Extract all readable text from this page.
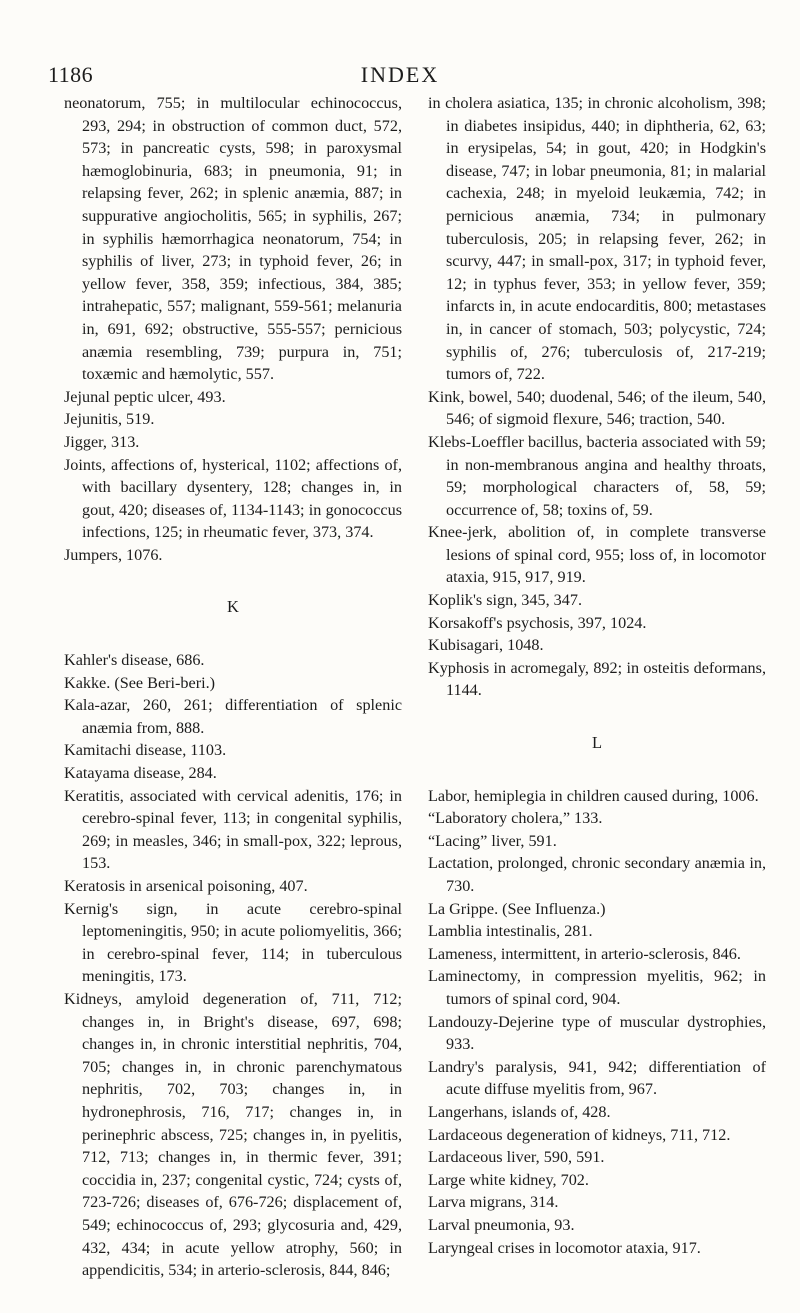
1186	INDEX

neonatorum, 755; in multilocular echinococcus, 293, 294; in obstruction of common duct, 572, 573; in pancreatic cysts, 598; in paroxysmal hæmoglobinuria, 683; in pneumonia, 91; in relapsing fever, 262; in splenic anæmia, 887; in suppurative angiocholitis, 565; in syphilis, 267; in syphilis hæmorrhagica neonatorum, 754; in syphilis of liver, 273; in typhoid fever, 26; in yellow fever, 358, 359; infectious, 384, 385; intrahepatic, 557; malignant, 559-561; melanuria in, 691, 692; obstructive, 555-557; pernicious anæmia resembling, 739; purpura in, 751; toxæmic and hæmolytic, 557.

Jejunal peptic ulcer, 493.

Jejunitis, 519.

Jigger, 313.

Joints, affections of, hysterical, 1102; affections of, with bacillary dysentery, 128; changes in, in gout, 420; diseases of, 1134-1143; in gonococcus infections, 125; in rheumatic fever, 373, 374.

Jumpers, 1076.

K

Kahler's disease, 686.

Kakke. (See Beri-beri.)

Kala-azar, 260, 261; differentiation of splenic anæmia from, 888.

Kamitachi disease, 1103.

Katayama disease, 284.

Keratitis, associated with cervical adenitis, 176; in cerebro-spinal fever, 113; in congenital syphilis, 269; in measles, 346; in small-pox, 322; leprous, 153.

Keratosis in arsenical poisoning, 407.

Kernig's sign, in acute cerebro-spinal leptomeningitis, 950; in acute poliomyelitis, 366; in cerebro-spinal fever, 114; in tuberculous meningitis, 173.

Kidneys, amyloid degeneration of, 711, 712; changes in, in Bright's disease, 697, 698; changes in, in chronic interstitial nephritis, 704, 705; changes in, in chronic parenchymatous nephritis, 702, 703; changes in, in hydronephrosis, 716, 717; changes in, in perinephric abscess, 725; changes in, in pyelitis, 712, 713; changes in, in thermic fever, 391; coccidia in, 237; congenital cystic, 724; cysts of, 723-726; diseases of, 676-726; displacement of, 549; echinococcus of, 293; glycosuria and, 429, 432, 434; in acute yellow atrophy, 560; in appendicitis, 534; in arterio-sclerosis, 844, 846;

in cholera asiatica, 135; in chronic alcoholism, 398; in diabetes insipidus, 440; in diphtheria, 62, 63; in erysipelas, 54; in gout, 420; in Hodgkin's disease, 747; in lobar pneumonia, 81; in malarial cachexia, 248; in myeloid leukæmia, 742; in pernicious anæmia, 734; in pulmonary tuberculosis, 205; in relapsing fever, 262; in scurvy, 447; in small-pox, 317; in typhoid fever, 12; in typhus fever, 353; in yellow fever, 359; infarcts in, in acute endocarditis, 800; metastases in, in cancer of stomach, 503; polycystic, 724; syphilis of, 276; tuberculosis of, 217-219; tumors of, 722.

Kink, bowel, 540; duodenal, 546; of the ileum, 540, 546; of sigmoid flexure, 546; traction, 540.

Klebs-Loeffler bacillus, bacteria associated with 59; in non-membranous angina and healthy throats, 59; morphological characters of, 58, 59; occurrence of, 58; toxins of, 59.

Knee-jerk, abolition of, in complete transverse lesions of spinal cord, 955; loss of, in locomotor ataxia, 915, 917, 919.

Koplik's sign, 345, 347.

Korsakoff's psychosis, 397, 1024.

Kubisagari, 1048.

Kyphosis in acromegaly, 892; in osteitis deformans, 1144.

L

Labor, hemiplegia in children caused during, 1006.

“Laboratory cholera,” 133.

“Lacing” liver, 591.

Lactation, prolonged, chronic secondary anæmia in, 730.

La Grippe. (See Influenza.)

Lamblia intestinalis, 281.

Lameness, intermittent, in arterio-sclerosis, 846.

Laminectomy, in compression myelitis, 962; in tumors of spinal cord, 904.

Landouzy-Dejerine type of muscular dystrophies, 933.

Landry's paralysis, 941, 942; differentiation of acute diffuse myelitis from, 967.

Langerhans, islands of, 428.

Lardaceous degeneration of kidneys, 711, 712.

Lardaceous liver, 590, 591.

Large white kidney, 702.

Larva migrans, 314.

Larval pneumonia, 93.

Laryngeal crises in locomotor ataxia, 917.
